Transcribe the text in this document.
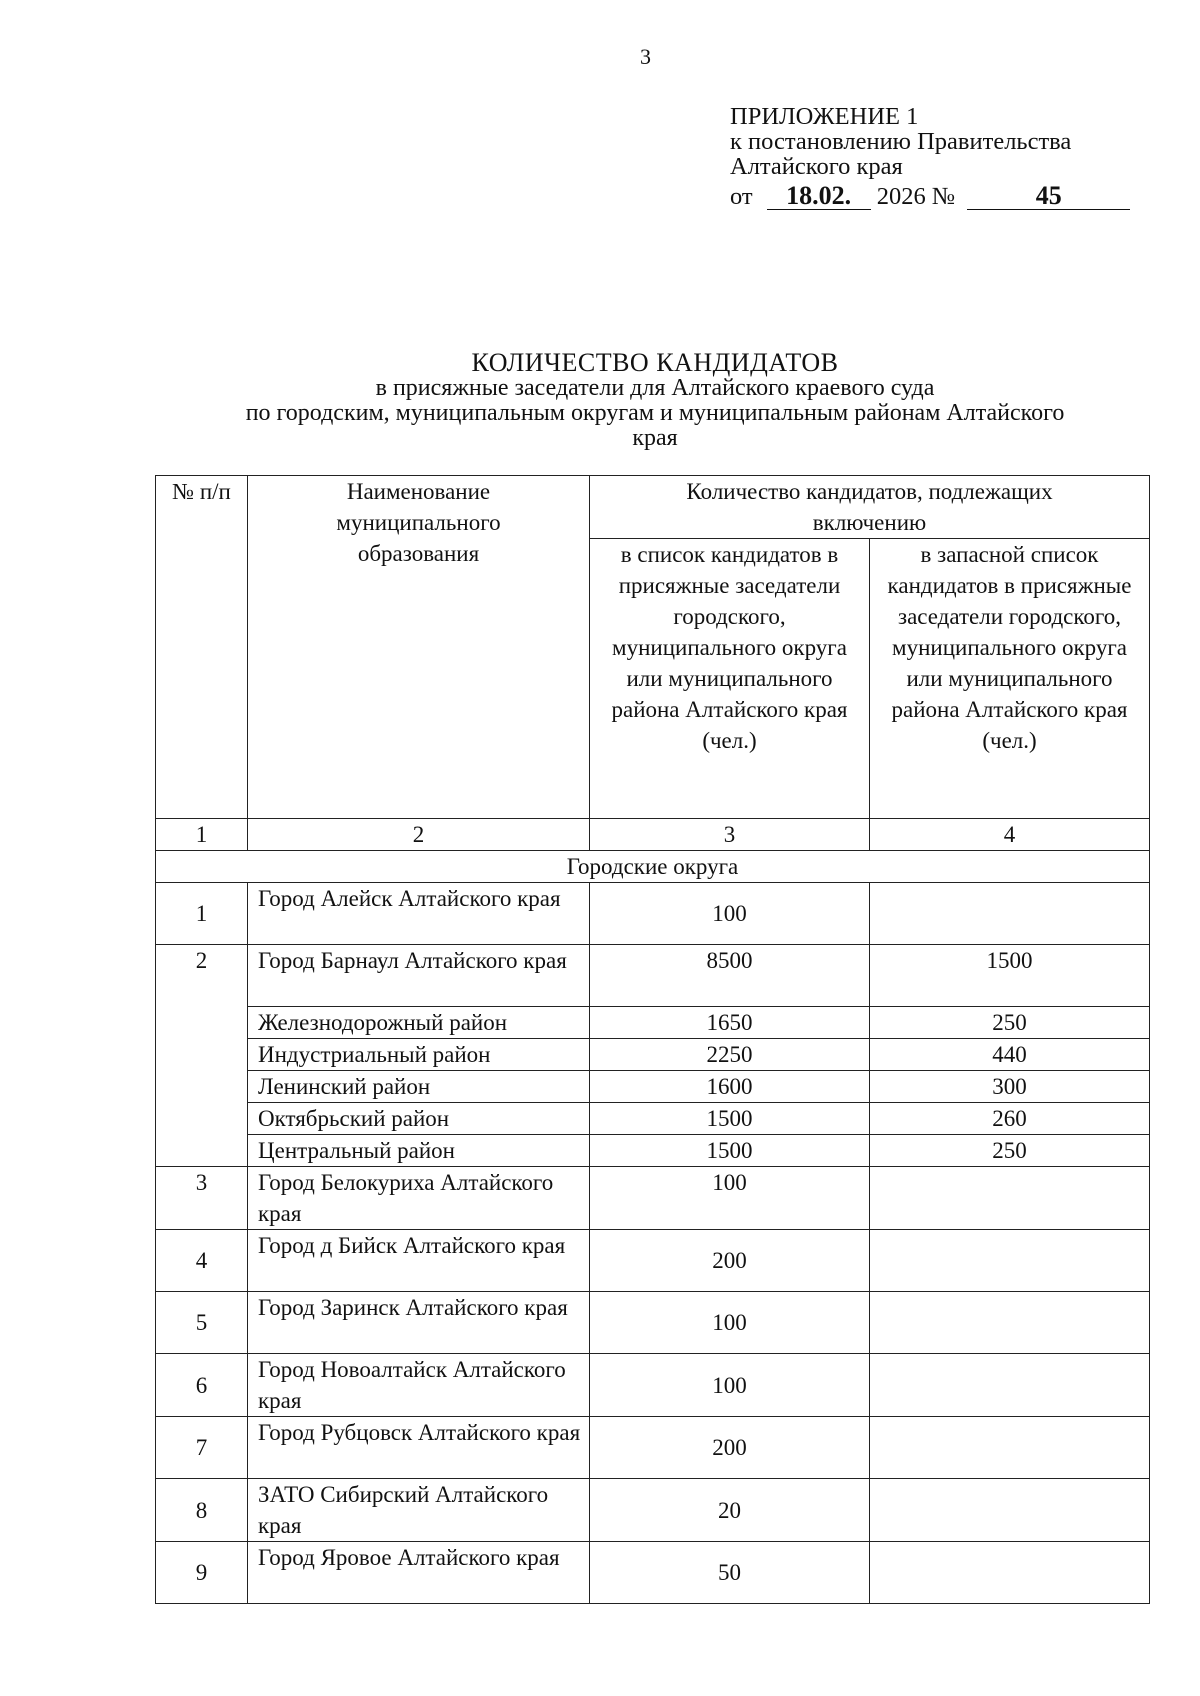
3
ПРИЛОЖЕНИЕ 1
к постановлению Правительства
Алтайского края
от 18.02. 2026 №	45
КОЛИЧЕСТВО КАНДИДАТОВ
в присяжные заседатели для Алтайского краевого суда
по городским, муниципальным округам и муниципальным районам Алтайского
края
№ п/п	Наименование муниципального образования	Количество кандидатов, подлежащих включению	
		в список кандидатов в присяжные заседатели городского, муниципального округа или муниципального района Алтайского края (чел.)	в запасной список кандидатов в присяжные заседатели городского, муниципального округа или муниципального района Алтайского края (чел.)
1	2	3	4
Городские округа			
1	Город Алейск Алтайского края	100	
2	Город Барнаул Алтайского края	8500	1500
	Железнодорожный район	1650	250
	Индустриальный район	2250	440
	Ленинский район	1600	300
	Октябрьский район	1500	260
	Центральный район	1500	250
3	Город Белокуриха Алтайского края	100	
4	Город д Бийск Алтайского края	200	
5	Город Заринск Алтайского края	100	
6	Город Новоалтайск Алтайского края	100	
7	Город Рубцовск Алтайского края	200	
8	ЗАТО Сибирский Алтайского края	20	
9	Город Яровое Алтайского края	50	
